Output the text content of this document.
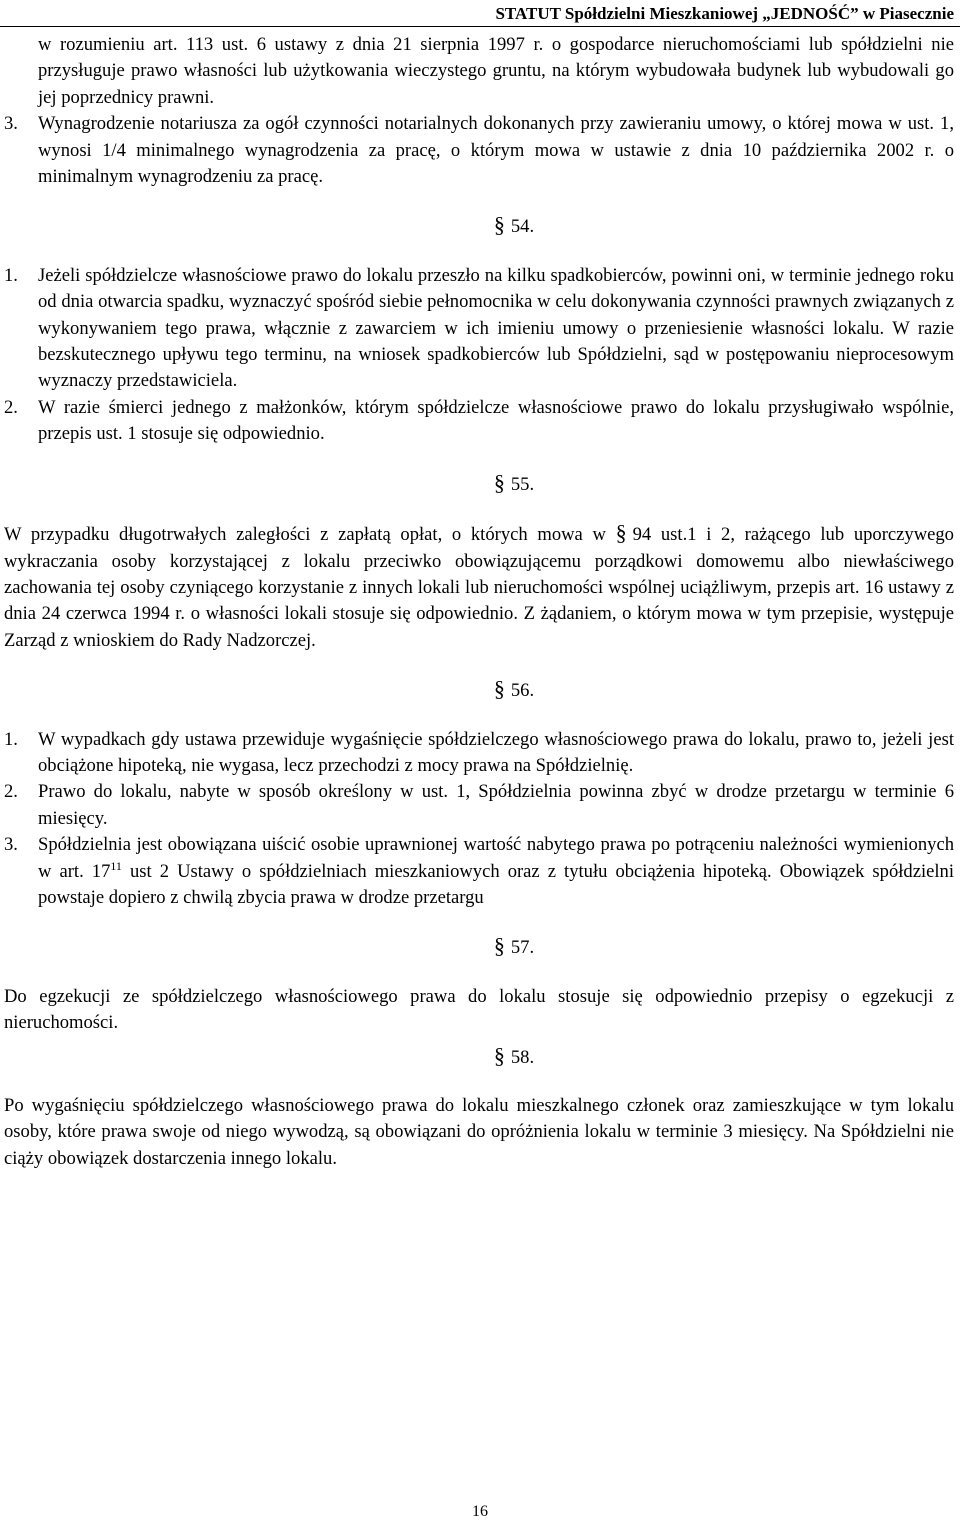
STATUT Spółdzielni Mieszkaniowej „JEDNOŚĆ” w Piasecznie
w rozumieniu art. 113 ust. 6 ustawy z dnia 21 sierpnia 1997 r. o gospodarce nieruchomościami lub spółdzielni nie przysługuje prawo własności lub użytkowania wieczystego gruntu, na którym wybudowała budynek lub wybudowali go jej poprzednicy prawni.
3.	Wynagrodzenie notariusza za ogół czynności notarialnych dokonanych przy zawieraniu umowy, o której mowa w ust. 1, wynosi 1/4 minimalnego wynagrodzenia za pracę, o którym mowa w ustawie z dnia 10 października 2002 r. o minimalnym wynagrodzeniu za pracę.
§ 54.
1.	Jeżeli spółdzielcze własnościowe prawo do lokalu przeszło na kilku spadkobierców, powinni oni, w terminie jednego roku od dnia otwarcia spadku, wyznaczyć spośród siebie pełnomocnika w celu dokonywania czynności prawnych związanych z wykonywaniem tego prawa, włącznie z zawarciem w ich imieniu umowy o przeniesienie własności lokalu. W razie bezskutecznego upływu tego terminu, na wniosek spadkobierców lub Spółdzielni, sąd w postępowaniu nieprocesowym wyznaczy przedstawiciela.
2.	W razie śmierci jednego z małżonków, którym spółdzielcze własnościowe prawo do lokalu przysługiwało wspólnie, przepis ust. 1 stosuje się odpowiednio.
§ 55.
W przypadku długotrwałych zaległości z zapłatą opłat, o których mowa w § 94 ust.1 i 2, rażącego lub uporczywego wykraczania osoby korzystającej z lokalu przeciwko obowiązującemu porządkowi domowemu albo niewłaściwego zachowania tej osoby czyniącego korzystanie z innych lokali lub nieruchomości wspólnej uciążliwym, przepis art. 16 ustawy z dnia 24 czerwca 1994 r. o własności lokali stosuje się odpowiednio. Z żądaniem, o którym mowa w tym przepisie, występuje Zarząd z wnioskiem do Rady Nadzorczej.
§ 56.
1.	W wypadkach gdy ustawa przewiduje wygaśnięcie spółdzielczego własnościowego prawa do lokalu, prawo to, jeżeli jest obciążone hipoteką, nie wygasa, lecz przechodzi z mocy prawa na Spółdzielnię.
2.	Prawo do lokalu, nabyte w sposób określony w ust. 1, Spółdzielnia powinna zbyć w drodze przetargu w terminie 6 miesięcy.
3.	Spółdzielnia jest obowiązana uiścić osobie uprawnionej wartość nabytego prawa po potrąceniu należności wymienionych w art. $17^{11}$ ust 2 Ustawy o spółdzielniach mieszkaniowych oraz z tytułu obciążenia hipoteką. Obowiązek spółdzielni powstaje dopiero z chwilą zbycia prawa w drodze przetargu
§ 57.
Do egzekucji ze spółdzielczego własnościowego prawa do lokalu stosuje się odpowiednio przepisy o egzekucji z nieruchomości.
§ 58.
Po wygaśnięciu spółdzielczego własnościowego prawa do lokalu mieszkalnego członek oraz zamieszkujące w tym lokalu osoby, które prawa swoje od niego wywodzą, są obowiązani do opróżnienia lokalu w terminie 3 miesięcy. Na Spółdzielni nie ciąży obowiązek dostarczenia innego lokalu.
16
